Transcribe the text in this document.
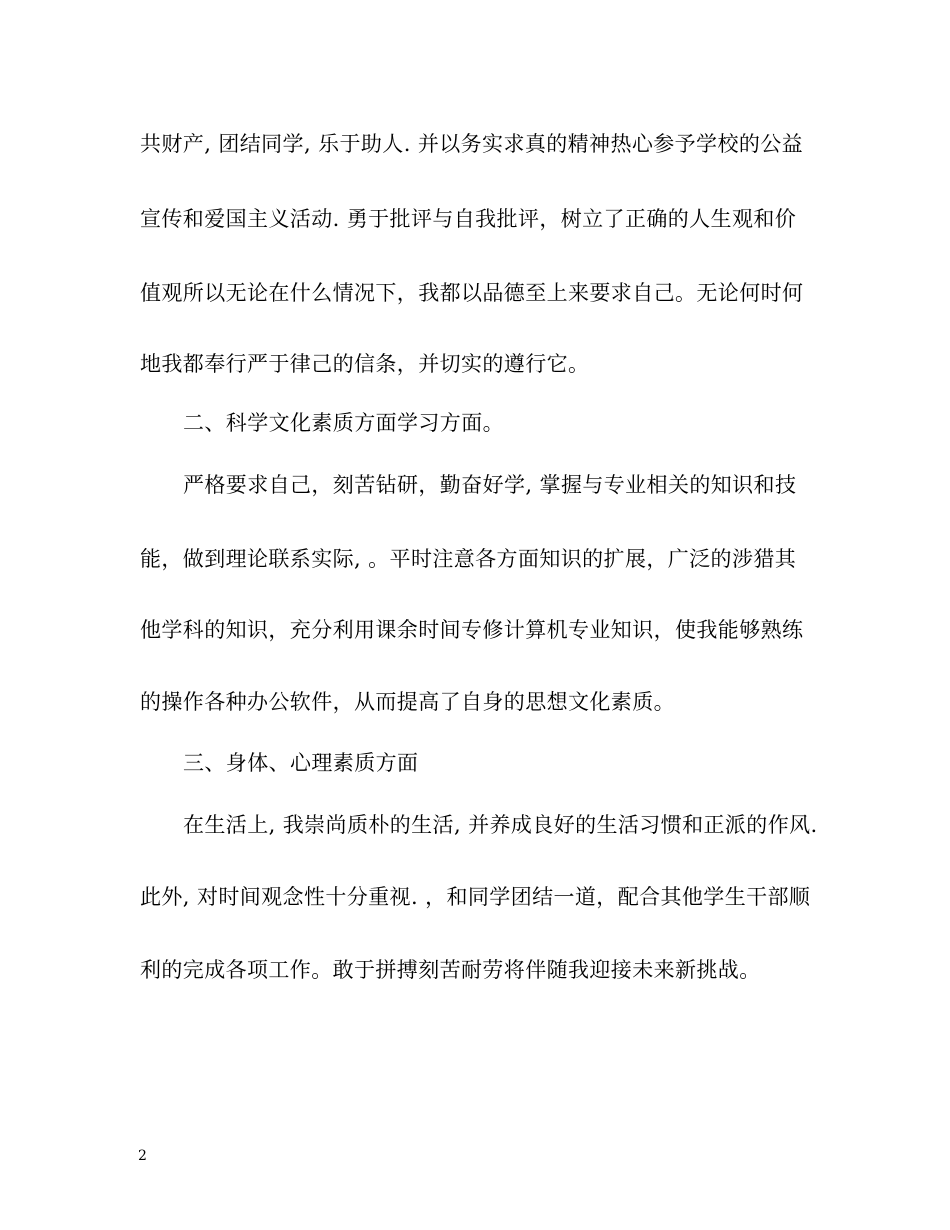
共财产, 团结同学, 乐于助人. 并以务实求真的精神热心参予学校的公益

宣传和爱国主义活动. 勇于批评与自我批评，树立了正确的人生观和价

值观所以无论在什么情况下，我都以品德至上来要求自己。无论何时何

地我都奉行严于律己的信条，并切实的遵行它。

二、科学文化素质方面学习方面。

严格要求自己，刻苦钻研，勤奋好学, 掌握与专业相关的知识和技

能，做到理论联系实际, 。平时注意各方面知识的扩展，广泛的涉猎其

他学科的知识，充分利用课余时间专修计算机专业知识，使我能够熟练

的操作各种办公软件，从而提高了自身的思想文化素质。

三、身体、心理素质方面

在生活上, 我崇尚质朴的生活, 并养成良好的生活习惯和正派的作风.

此外, 对时间观念性十分重视. ，和同学团结一道，配合其他学生干部顺

利的完成各项工作。敢于拼搏刻苦耐劳将伴随我迎接未来新挑战。

2
